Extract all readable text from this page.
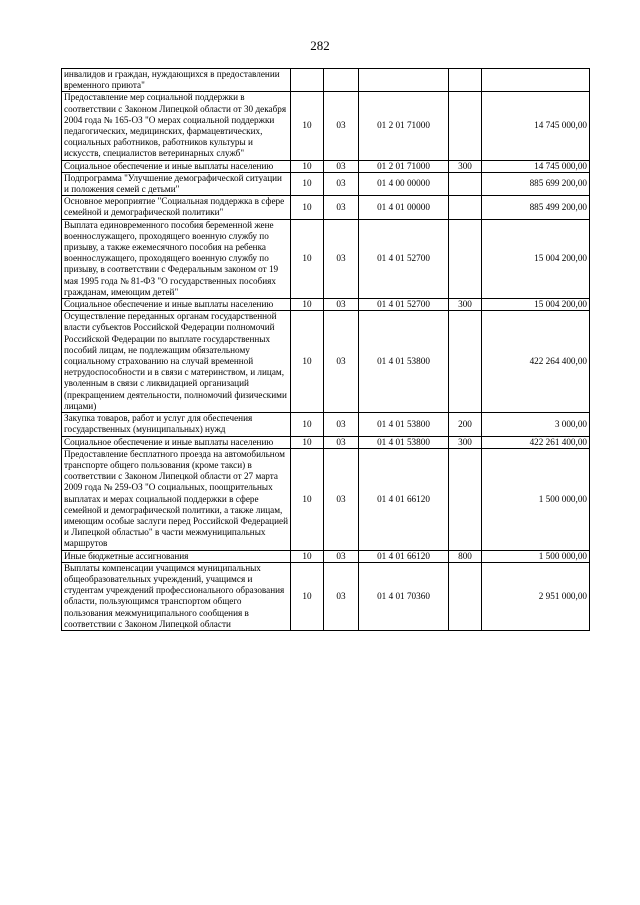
282
инвалидов и граждан, нуждающихся в предоставлении временного приюта"					
Предоставление мер социальной поддержки в соответствии с Законом Липецкой области от 30 декабря 2004 года № 165-ОЗ "О мерах социальной поддержки педагогических, медицинских, фармацевтических, социальных работников, работников культуры и искусств, специалистов ветеринарных служб"	10	03	01 2 01 71000		14 745 000,00
Социальное обеспечение и иные выплаты населению	10	03	01 2 01 71000	300	14 745 000,00
Подпрограмма "Улучшение демографической ситуации и положения семей с детьми"	10	03	01 4 00 00000		885 699 200,00
Основное мероприятие "Социальная поддержка в сфере семейной и демографической политики"	10	03	01 4 01 00000		885 499 200,00
Выплата единовременного пособия беременной жене военнослужащего, проходящего военную службу по призыву, а также ежемесячного пособия на ребенка военнослужащего, проходящего военную службу по призыву, в соответствии с Федеральным законом от 19 мая 1995 года № 81-ФЗ "О государственных пособиях гражданам, имеющим детей"	10	03	01 4 01 52700		15 004 200,00
Социальное обеспечение и иные выплаты населению	10	03	01 4 01 52700	300	15 004 200,00
Осуществление переданных органам государственной власти субъектов Российской Федерации полномочий Российской Федерации по выплате государственных пособий лицам, не подлежащим обязательному социальному страхованию на случай временной нетрудоспособности и в связи с материнством, и лицам, уволенным в связи с ликвидацией организаций (прекращением деятельности, полномочий физическими лицами)	10	03	01 4 01 53800		422 264 400,00
Закупка товаров, работ и услуг для обеспечения государственных (муниципальных) нужд	10	03	01 4 01 53800	200	3 000,00
Социальное обеспечение и иные выплаты населению	10	03	01 4 01 53800	300	422 261 400,00
Предоставление бесплатного проезда на автомобильном транспорте общего пользования (кроме такси) в соответствии с Законом Липецкой области от 27 марта 2009 года № 259-ОЗ "О социальных, поощрительных выплатах и мерах социальной поддержки в сфере семейной и демографической политики, а также лицам, имеющим особые заслуги перед Российской Федерацией и Липецкой областью" в части межмуниципальных маршрутов	10	03	01 4 01 66120		1 500 000,00
Иные бюджетные ассигнования	10	03	01 4 01 66120	800	1 500 000,00
Выплаты компенсации учащимся муниципальных общеобразовательных учреждений, учащимся и студентам учреждений профессионального образования области, пользующимся транспортом общего пользования межмуниципального сообщения в соответствии с Законом Липецкой области	10	03	01 4 01 70360		2 951 000,00
